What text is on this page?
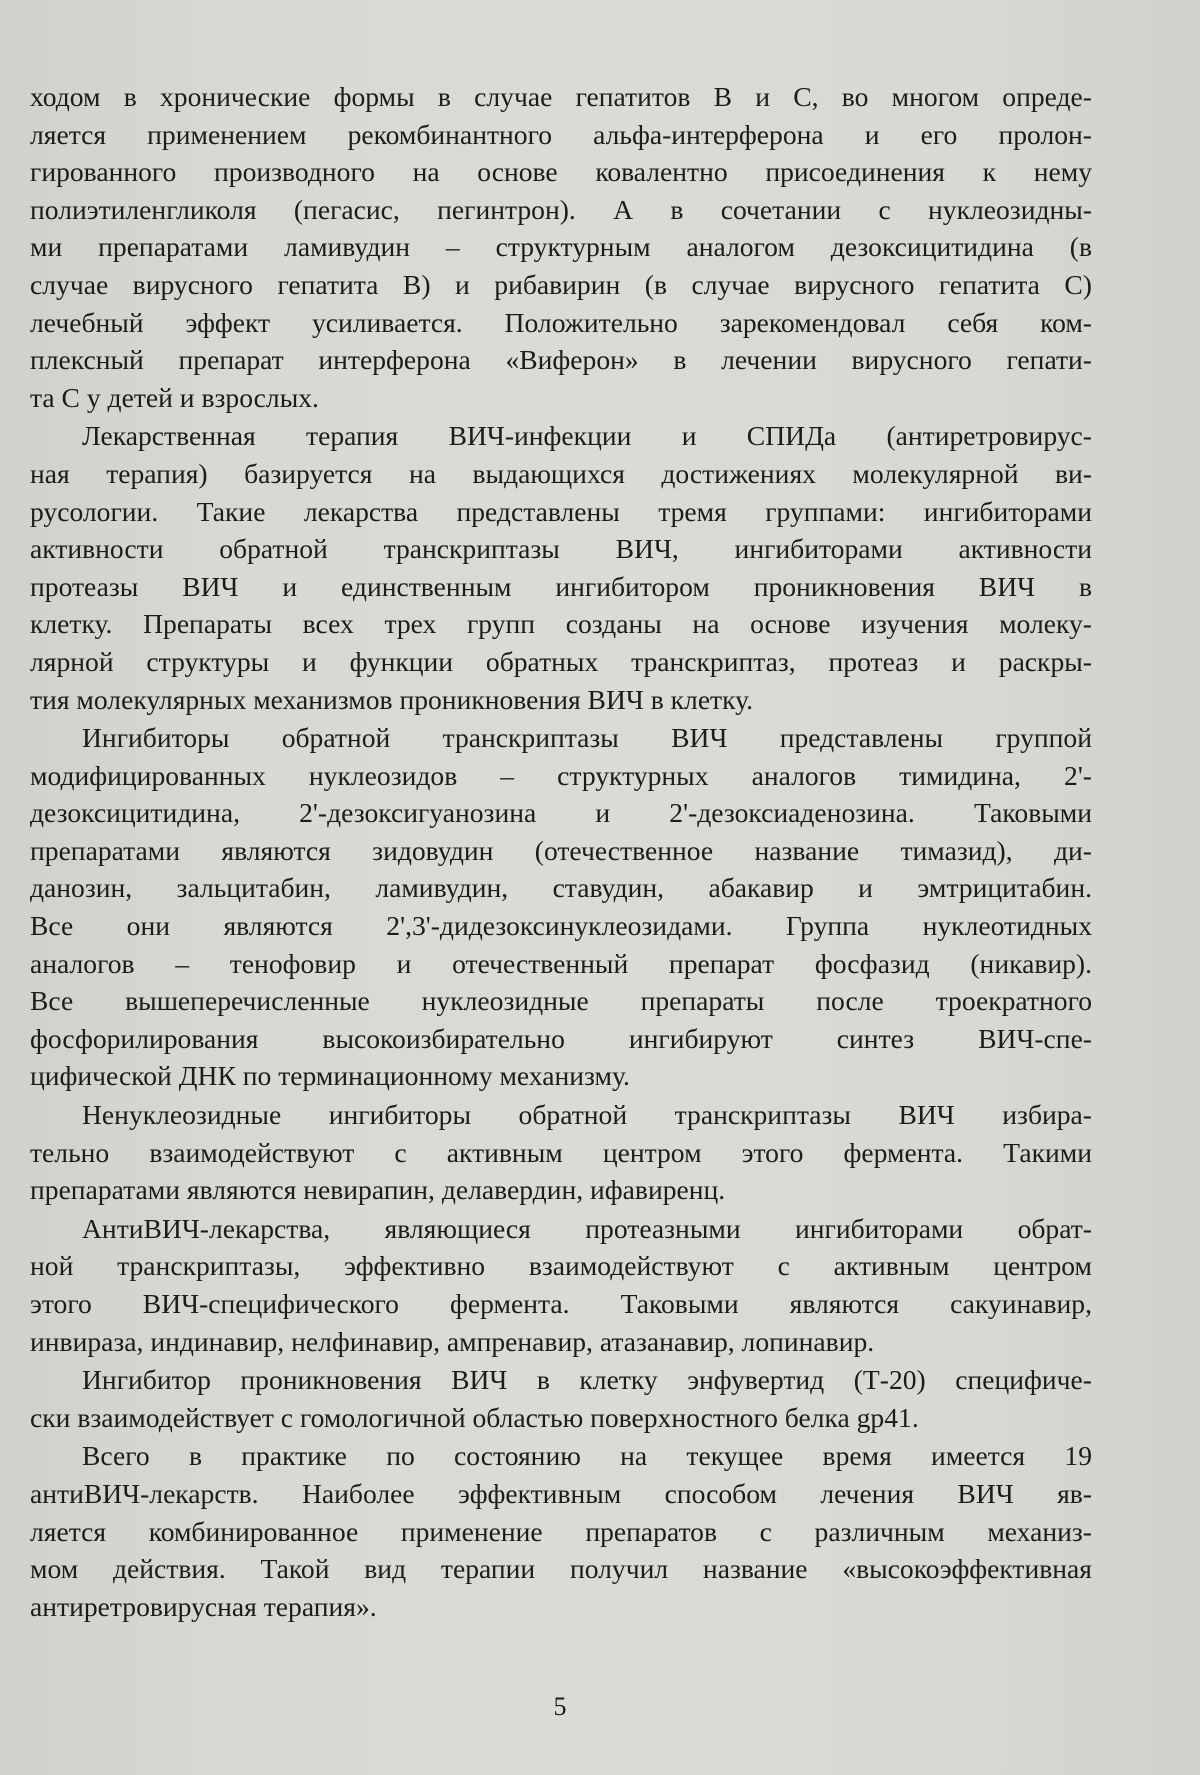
ходом в хронические формы в случае гепатитов В и С, во многом опреде-
ляется применением рекомбинантного альфа-интерферона и его пролон-
гированного производного на основе ковалентно присоединения к нему
полиэтиленгликоля (пегасис, пегинтрон). А в сочетании с нуклеозидны-
ми препаратами ламивудин – структурным аналогом дезоксицитидина (в
случае вирусного гепатита В) и рибавирин (в случае вирусного гепатита С)
лечебный эффект усиливается. Положительно зарекомендовал себя ком-
плексный препарат интерферона «Виферон» в лечении вирусного гепати-
та С у детей и взрослых.
Лекарственная терапия ВИЧ-инфекции и СПИДа (антиретровирус-
ная терапия) базируется на выдающихся достижениях молекулярной ви-
русологии. Такие лекарства представлены тремя группами: ингибиторами
активности обратной транскриптазы ВИЧ, ингибиторами активности
протеазы ВИЧ и единственным ингибитором проникновения ВИЧ в
клетку. Препараты всех трех групп созданы на основе изучения молеку-
лярной структуры и функции обратных транскриптаз, протеаз и раскры-
тия молекулярных механизмов проникновения ВИЧ в клетку.
Ингибиторы обратной транскриптазы ВИЧ представлены группой
модифицированных нуклеозидов – структурных аналогов тимидина, 2'-
дезоксицитидина, 2'-дезоксигуанозина и 2'-дезоксиаденозина. Таковыми
препаратами являются зидовудин (отечественное название тимазид), ди-
данозин, зальцитабин, ламивудин, ставудин, абакавир и эмтрицитабин.
Все они являются 2',3'-дидезоксинуклеозидами. Группа нуклеотидных
аналогов – тенофовир и отечественный препарат фосфазид (никавир).
Все вышеперечисленные нуклеозидные препараты после троекратного
фосфорилирования высокоизбирательно ингибируют синтез ВИЧ-спе-
цифической ДНК по терминационному механизму.
Ненуклеозидные ингибиторы обратной транскриптазы ВИЧ избира-
тельно взаимодействуют с активным центром этого фермента. Такими
препаратами являются невирапин, делавердин, ифавиренц.
АнтиВИЧ-лекарства, являющиеся протеазными ингибиторами обрат-
ной транскриптазы, эффективно взаимодействуют с активным центром
этого ВИЧ-специфического фермента. Таковыми являются сакуинавир,
инвираза, индинавир, нелфинавир, ампренавир, атазанавир, лопинавир.
Ингибитор проникновения ВИЧ в клетку энфувертид (Т-20) специфиче-
ски взаимодействует с гомологичной областью поверхностного белка gp41.
Всего в практике по состоянию на текущее время имеется 19
антиВИЧ-лекарств. Наиболее эффективным способом лечения ВИЧ яв-
ляется комбинированное применение препаратов с различным механиз-
мом действия. Такой вид терапии получил название «высокоэффективная
антиретровирусная терапия».
5
